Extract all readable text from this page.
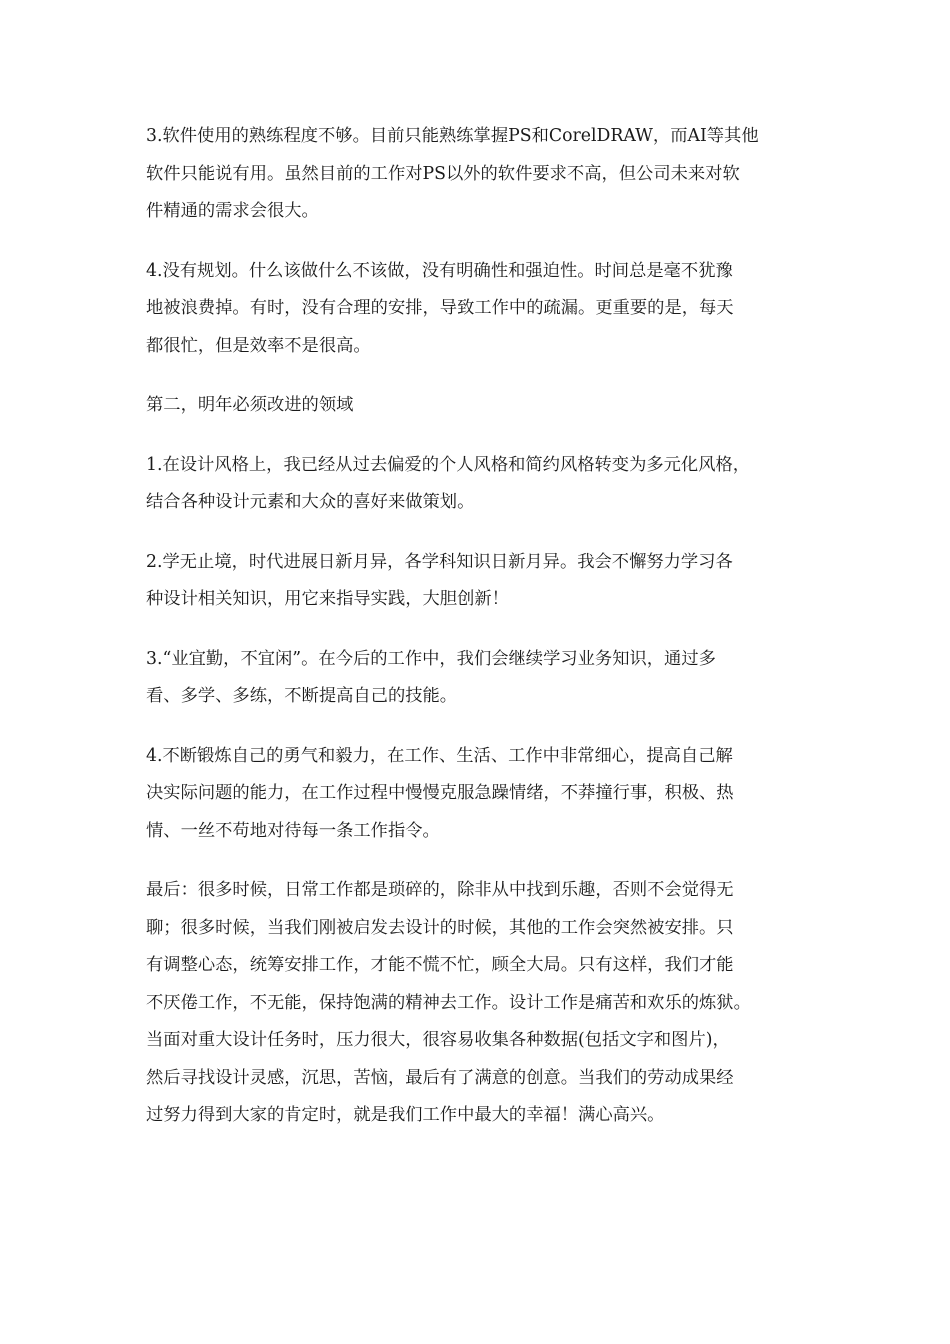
3.软件使用的熟练程度不够。目前只能熟练掌握PS和CorelDRAW，而AI等其他
软件只能说有用。虽然目前的工作对PS以外的软件要求不高，但公司未来对软
件精通的需求会很大。

4.没有规划。什么该做什么不该做，没有明确性和强迫性。时间总是毫不犹豫
地被浪费掉。有时，没有合理的安排，导致工作中的疏漏。更重要的是，每天
都很忙，但是效率不是很高。

第二，明年必须改进的领域

1.在设计风格上，我已经从过去偏爱的个人风格和简约风格转变为多元化风格，
结合各种设计元素和大众的喜好来做策划。

2.学无止境，时代进展日新月异，各学科知识日新月异。我会不懈努力学习各
种设计相关知识，用它来指导实践，大胆创新！

3.“业宜勤，不宜闲”。在今后的工作中，我们会继续学习业务知识，通过多
看、多学、多练，不断提高自己的技能。

4.不断锻炼自己的勇气和毅力，在工作、生活、工作中非常细心，提高自己解
决实际问题的能力，在工作过程中慢慢克服急躁情绪，不莽撞行事，积极、热
情、一丝不苟地对待每一条工作指令。

最后：很多时候，日常工作都是琐碎的，除非从中找到乐趣，否则不会觉得无
聊；很多时候，当我们刚被启发去设计的时候，其他的工作会突然被安排。只
有调整心态，统筹安排工作，才能不慌不忙，顾全大局。只有这样，我们才能
不厌倦工作，不无能，保持饱满的精神去工作。设计工作是痛苦和欢乐的炼狱。
当面对重大设计任务时，压力很大，很容易收集各种数据(包括文字和图片)，
然后寻找设计灵感，沉思，苦恼，最后有了满意的创意。当我们的劳动成果经
过努力得到大家的肯定时，就是我们工作中最大的幸福！满心高兴。
